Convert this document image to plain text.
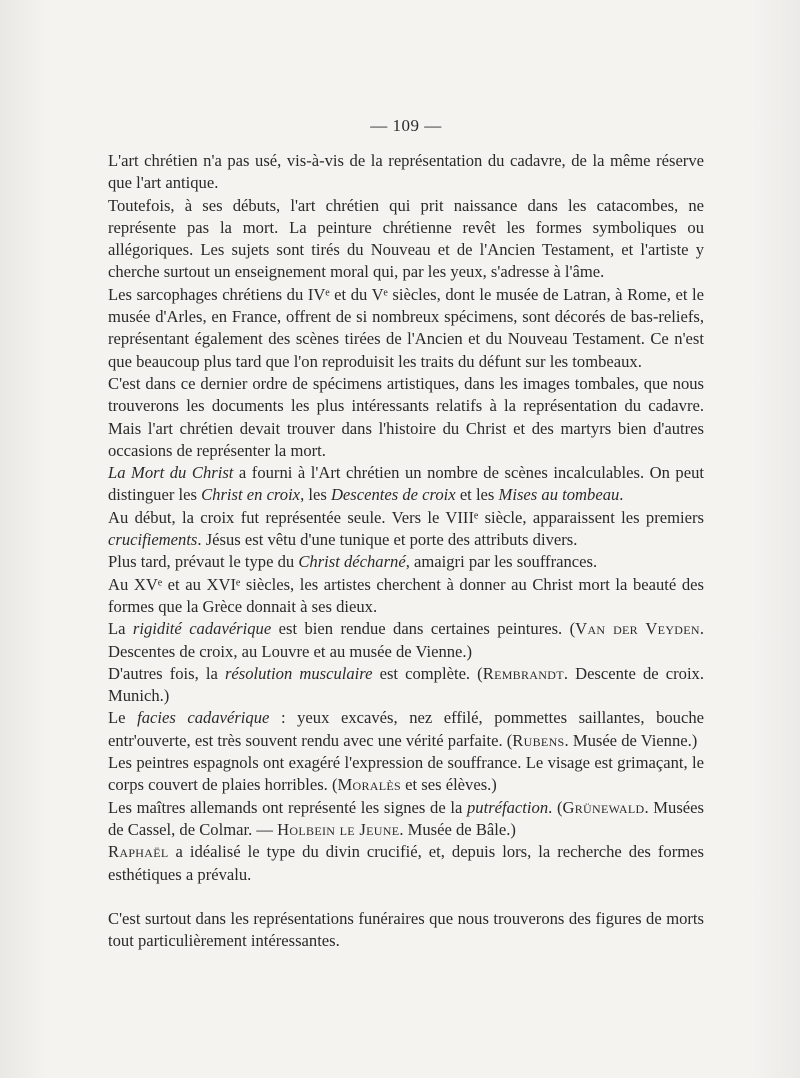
— 109 —

L'art chrétien n'a pas usé, vis-à-vis de la représentation du cadavre, de la même réserve que l'art antique.

Toutefois, à ses débuts, l'art chrétien qui prit naissance dans les catacombes, ne représente pas la mort. La peinture chrétienne revêt les formes symboliques ou allégoriques. Les sujets sont tirés du Nouveau et de l'Ancien Testament, et l'artiste y cherche surtout un enseignement moral qui, par les yeux, s'adresse à l'âme.

Les sarcophages chrétiens du IVᵉ et du Vᵉ siècles, dont le musée de Latran, à Rome, et le musée d'Arles, en France, offrent de si nombreux spécimens, sont décorés de bas-reliefs, représentant également des scènes tirées de l'Ancien et du Nouveau Testament. Ce n'est que beaucoup plus tard que l'on reproduisit les traits du défunt sur les tombeaux.

C'est dans ce dernier ordre de spécimens artistiques, dans les images tombales, que nous trouverons les documents les plus intéressants relatifs à la représentation du cadavre. Mais l'art chrétien devait trouver dans l'histoire du Christ et des martyrs bien d'autres occasions de représenter la mort.

La Mort du Christ a fourni à l'Art chrétien un nombre de scènes incalculables. On peut distinguer les Christ en croix, les Descentes de croix et les Mises au tombeau.

Au début, la croix fut représentée seule. Vers le VIIIᵉ siècle, apparaissent les premiers crucifiements. Jésus est vêtu d'une tunique et porte des attributs divers.

Plus tard, prévaut le type du Christ décharné, amaigri par les souffrances.

Au XVᵉ et au XVIᵉ siècles, les artistes cherchent à donner au Christ mort la beauté des formes que la Grèce donnait à ses dieux.

La rigidité cadavérique est bien rendue dans certaines peintures. (Van der Veyden. Descentes de croix, au Louvre et au musée de Vienne.)

D'autres fois, la résolution musculaire est complète. (Rembrandt. Descente de croix. Munich.)

Le facies cadavérique : yeux excavés, nez effilé, pommettes saillantes, bouche entr'ouverte, est très souvent rendu avec une vérité parfaite. (Rubens. Musée de Vienne.)

Les peintres espagnols ont exagéré l'expression de souffrance. Le visage est grimaçant, le corps couvert de plaies horribles. (Moralès et ses élèves.)

Les maîtres allemands ont représenté les signes de la putréfaction. (Grünewald. Musées de Cassel, de Colmar. — Holbein le Jeune. Musée de Bâle.)

Raphaël a idéalisé le type du divin crucifié, et, depuis lors, la recherche des formes esthétiques a prévalu.

C'est surtout dans les représentations funéraires que nous trouverons des figures de morts tout particulièrement intéressantes.
